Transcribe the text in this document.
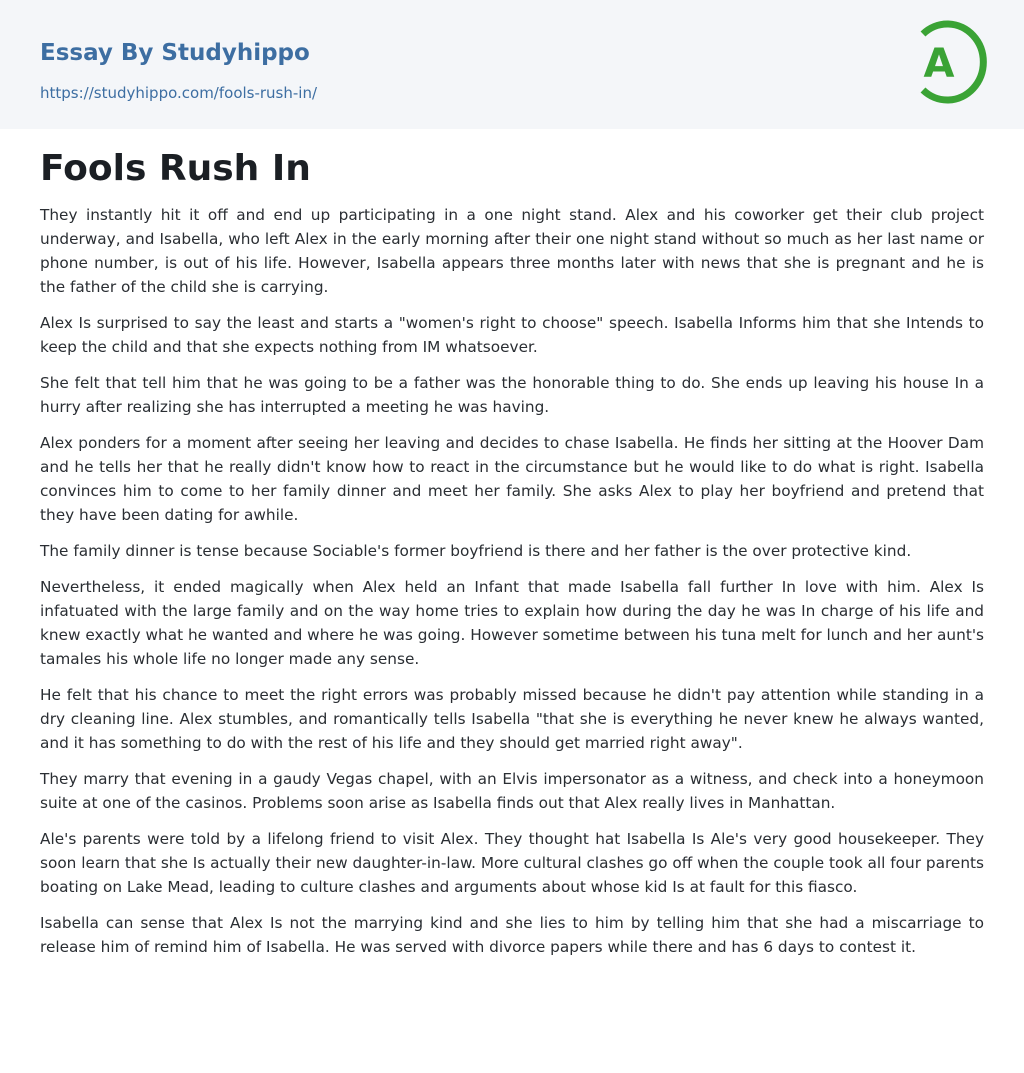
Essay By Studyhippo
https://studyhippo.com/fools-rush-in/
A
Fools Rush In

They instantly hit it off and end up participating in a one night stand. Alex and his coworker get their club project underway, and Isabella, who left Alex in the early morning after their one night stand without so much as her last name or phone number, is out of his life. However, Isabella appears three months later with news that she is pregnant and he is the father of the child she is carrying.

Alex Is surprised to say the least and starts a "women's right to choose" speech. Isabella Informs him that she Intends to keep the child and that she expects nothing from IM whatsoever.

She felt that tell him that he was going to be a father was the honorable thing to do. She ends up leaving his house In a hurry after realizing she has interrupted a meeting he was having.

Alex ponders for a moment after seeing her leaving and decides to chase Isabella. He finds her sitting at the Hoover Dam and he tells her that he really didn't know how to react in the circumstance but he would like to do what is right. Isabella convinces him to come to her family dinner and meet her family. She asks Alex to play her boyfriend and pretend that they have been dating for awhile.

The family dinner is tense because Sociable's former boyfriend is there and her father is the over protective kind.

Nevertheless, it ended magically when Alex held an Infant that made Isabella fall further In love with him. Alex Is infatuated with the large family and on the way home tries to explain how during the day he was In charge of his life and knew exactly what he wanted and where he was going. However sometime between his tuna melt for lunch and her aunt's tamales his whole life no longer made any sense.

He felt that his chance to meet the right errors was probably missed because he didn't pay attention while standing in a dry cleaning line. Alex stumbles, and romantically tells Isabella "that she is everything he never knew he always wanted, and it has something to do with the rest of his life and they should get married right away".

They marry that evening in a gaudy Vegas chapel, with an Elvis impersonator as a witness, and check into a honeymoon suite at one of the casinos. Problems soon arise as Isabella finds out that Alex really lives in Manhattan.

Ale's parents were told by a lifelong friend to visit Alex. They thought hat Isabella Is Ale's very good housekeeper. They soon learn that she Is actually their new daughter-in-law. More cultural clashes go off when the couple took all four parents boating on Lake Mead, leading to culture clashes and arguments about whose kid Is at fault for this fiasco.

Isabella can sense that Alex Is not the marrying kind and she lies to him by telling him that she had a miscarriage to release him of remind him of Isabella. He was served with divorce papers while there and has 6 days to contest it.
